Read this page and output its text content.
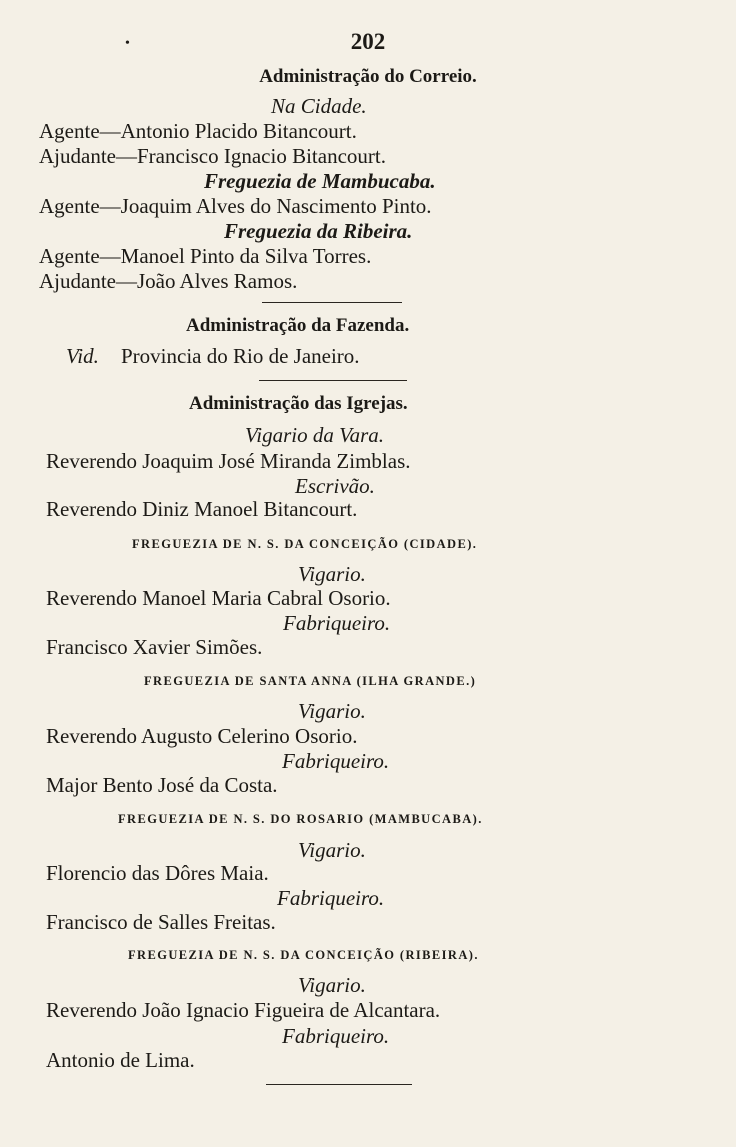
•	202
Administração do Correio.
Na Cidade.
Agente—Antonio Placido Bitancourt.
Ajudante—Francisco Ignacio Bitancourt.
Freguezia de Mambucaba.
Agente—Joaquim Alves do Nascimento Pinto.
Freguezia da Ribeira.
Agente—Manoel Pinto da Silva Torres.
Ajudante—João Alves Ramos.
Administração da Fazenda.
Vid. Provincia do Rio de Janeiro.
Administração das Igrejas.
Vigario da Vara.
Reverendo Joaquim José Miranda Zimblas.
Escrivão.
Reverendo Diniz Manoel Bitancourt.
FREGUEZIA DE N. S. DA CONCEIÇÃO (CIDADE).
Vigario.
Reverendo Manoel Maria Cabral Osorio.
Fabriqueiro.
Francisco Xavier Simões.
FREGUEZIA DE SANTA ANNA (ILHA GRANDE.)
Vigario.
Reverendo Augusto Celerino Osorio.
Fabriqueiro.
Major Bento José da Costa.
FREGUEZIA DE N. S. DO ROSARIO (MAMBUCABA).
Vigario.
Florencio das Dôres Maia.
Fabriqueiro.
Francisco de Salles Freitas.
FREGUEZIA DE N. S. DA CONCEIÇÃO (RIBEIRA).
Vigario.
Reverendo João Ignacio Figueira de Alcantara.
Fabriqueiro.
Antonio de Lima.
